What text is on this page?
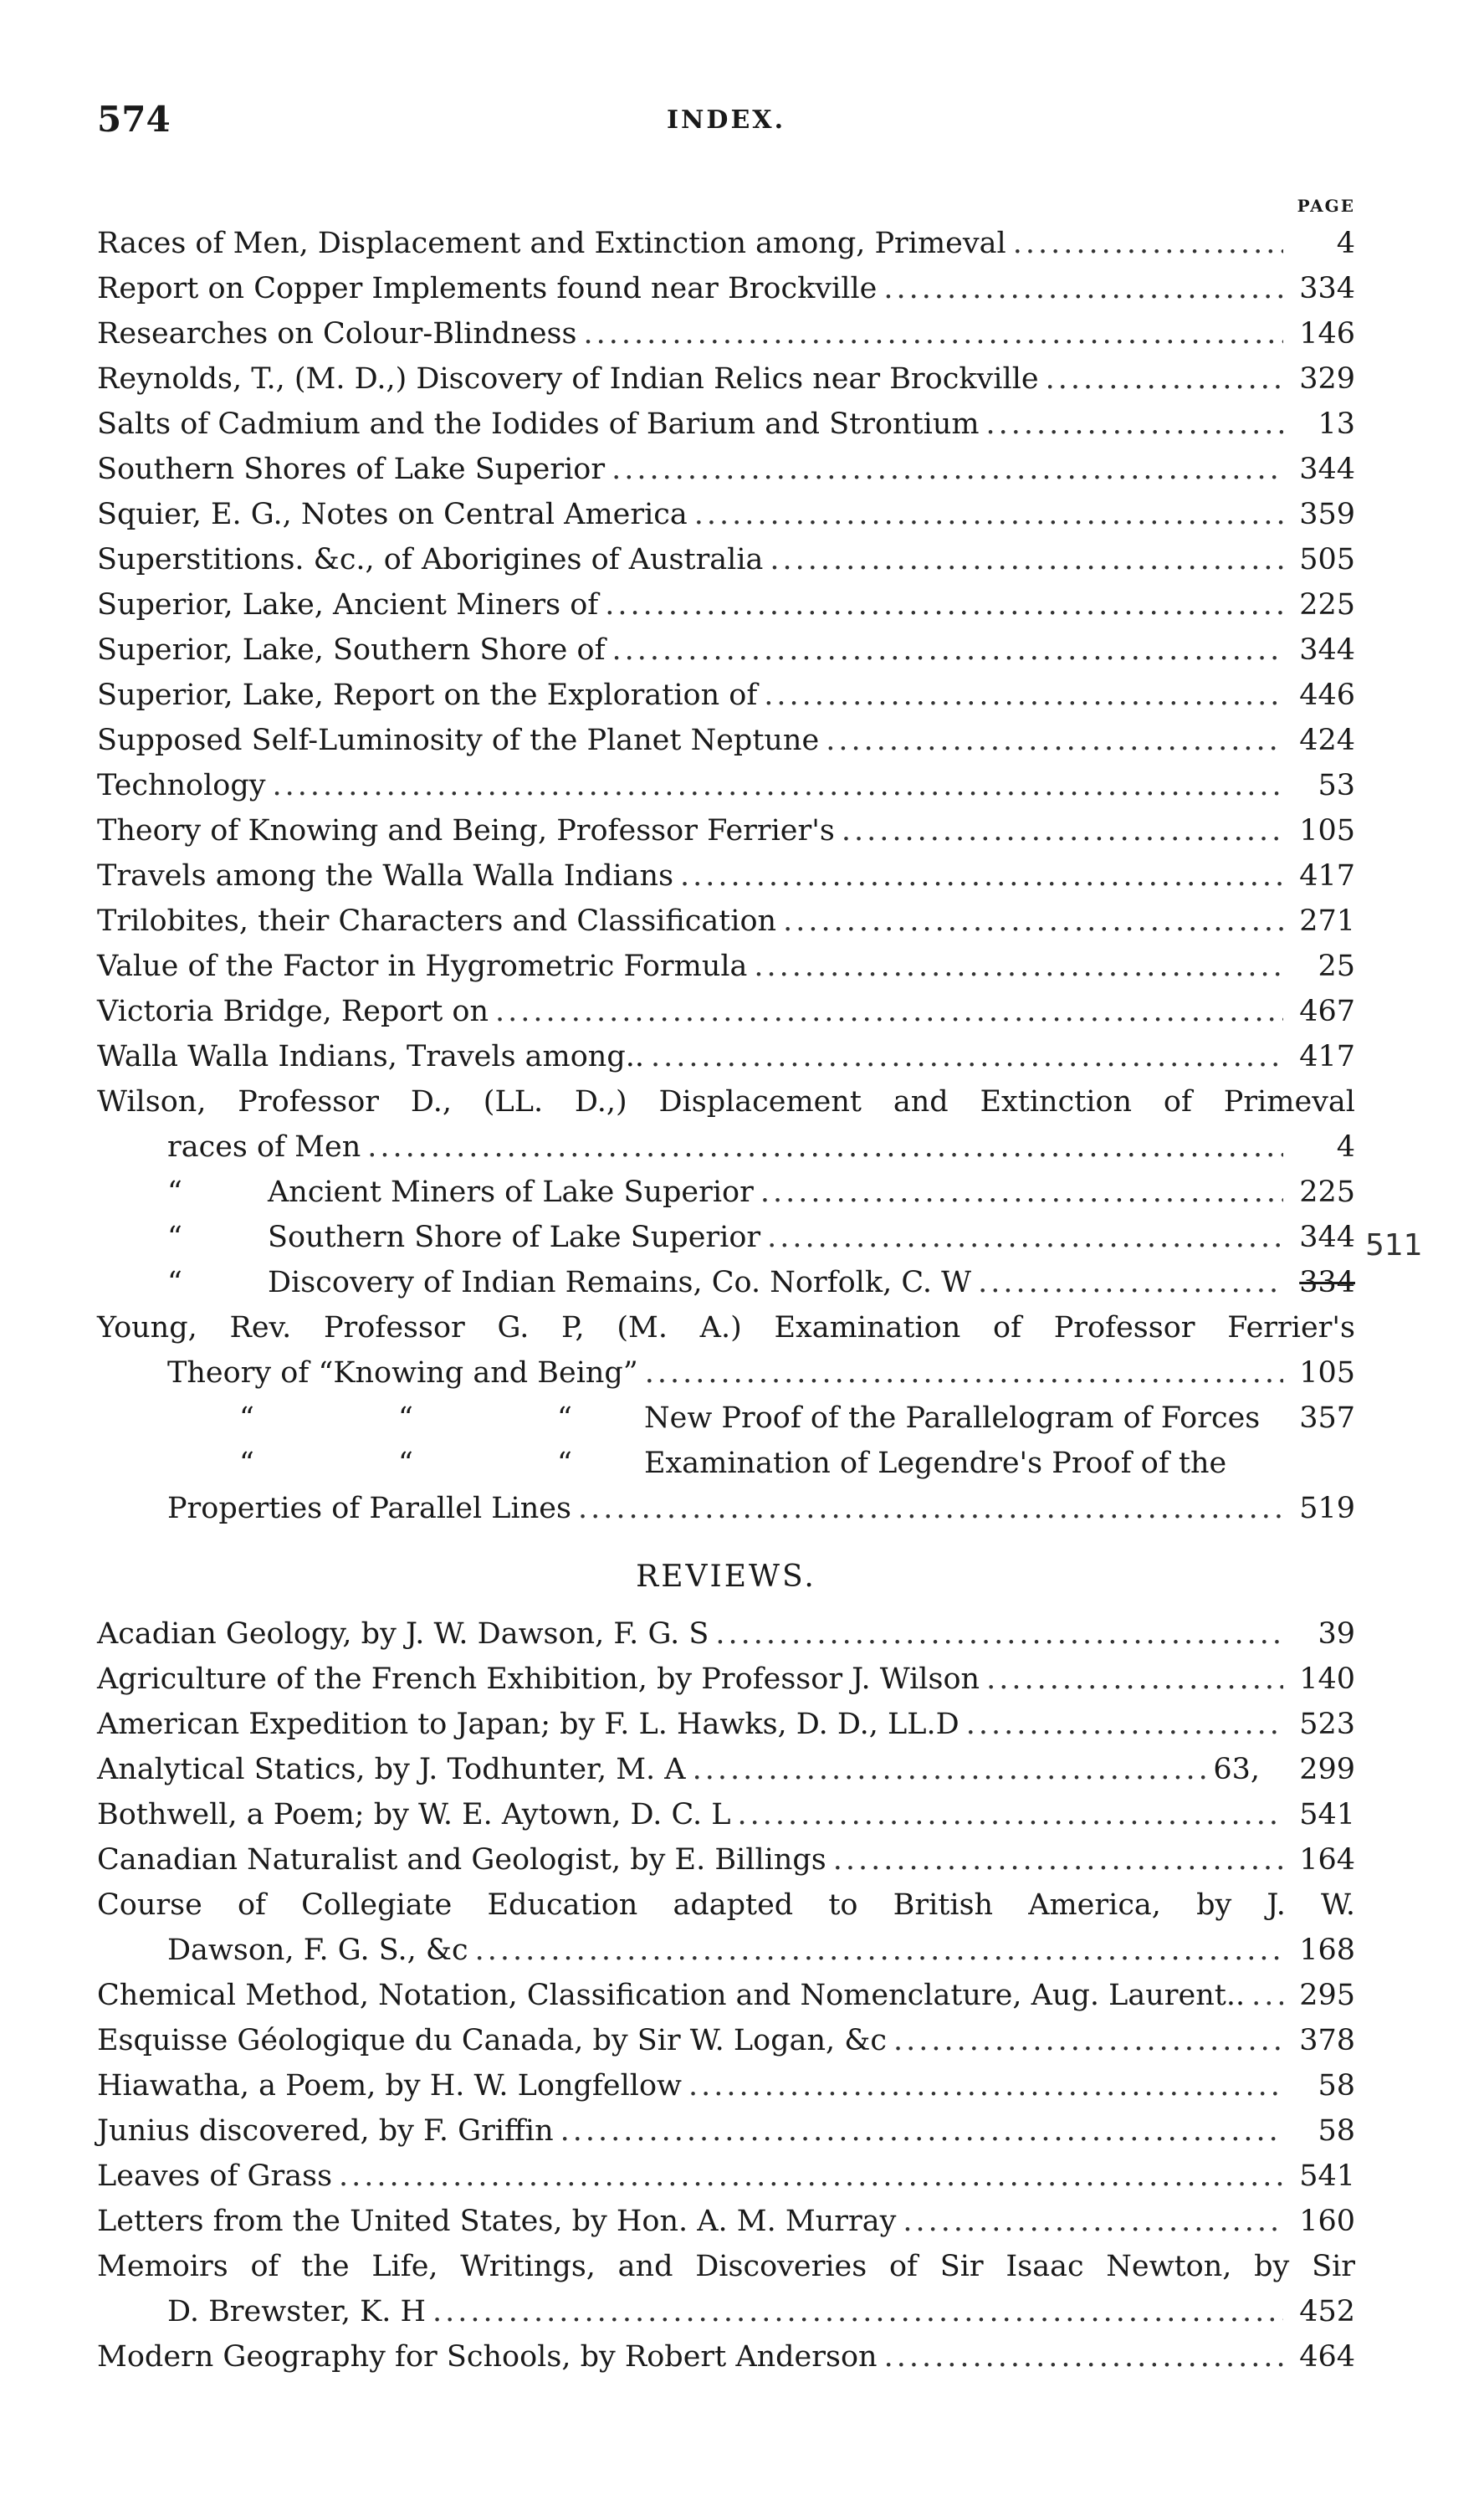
574	INDEX.
PAGE
Races of Men, Displacement and Extinction among, Primeval .....	4
Report on Copper Implements found near Brockville .....	334
Researches on Colour-Blindness .....	146
Reynolds, T., (M. D.,) Discovery of Indian Relics near Brockville .....	329
Salts of Cadmium and the Iodides of Barium and Strontium .....	13
Southern Shores of Lake Superior .....	344
Squier, E. G., Notes on Central America .....	359
Superstitions. &c., of Aborigines of Australia .....	505
Superior, Lake, Ancient Miners of .....	225
Superior, Lake, Southern Shore of .....	344
Superior, Lake, Report on the Exploration of .....	446
Supposed Self-Luminosity of the Planet Neptune .....	424
Technology .....	53
Theory of Knowing and Being, Professor Ferrier's .....	105
Travels among the Walla Walla Indians .....	417
Trilobites, their Characters and Classification .....	271
Value of the Factor in Hygrometric Formula .....	25
Victoria Bridge, Report on .....	467
Walla Walla Indians, Travels among.. .....	417
Wilson, Professor D., (LL. D.,) Displacement and Extinction of Primeval
races of Men .....	4
“	Ancient Miners of Lake Superior .....	225
“	Southern Shore of Lake Superior .....	344
“	Discovery of Indian Remains, Co. Norfolk, C. W .....	334
Young, Rev. Professor G. P, (M. A.) Examination of Professor Ferrier's
Theory of “Knowing and Being” .....	105
“	“	“	New Proof of the Parallelogram of Forces	357
“	“	“	Examination of Legendre's Proof of the
Properties of Parallel Lines .....	519
REVIEWS.
Acadian Geology, by J. W. Dawson, F. G. S .....	39
Agriculture of the French Exhibition, by Professor J. Wilson .....	140
American Expedition to Japan; by F. L. Hawks, D. D., LL.D .....	523
Analytical Statics, by J. Todhunter, M. A .....	63,	299
Bothwell, a Poem; by W. E. Aytown, D. C. L .....	541
Canadian Naturalist and Geologist, by E. Billings .....	164
Course of Collegiate Education adapted to British America, by J. W.
Dawson, F. G. S., &c .....	168
Chemical Method, Notation, Classification and Nomenclature, Aug. Laurent.. .....	295
Esquisse Géologique du Canada, by Sir W. Logan, &c .....	378
Hiawatha, a Poem, by H. W. Longfellow .....	58
Junius discovered, by F. Griffin .....	58
Leaves of Grass .....	541
Letters from the United States, by Hon. A. M. Murray .....	160
Memoirs of the Life, Writings, and Discoveries of Sir Isaac Newton, by Sir
D. Brewster, K. H .....	452
Modern Geography for Schools, by Robert Anderson .....	464
511
